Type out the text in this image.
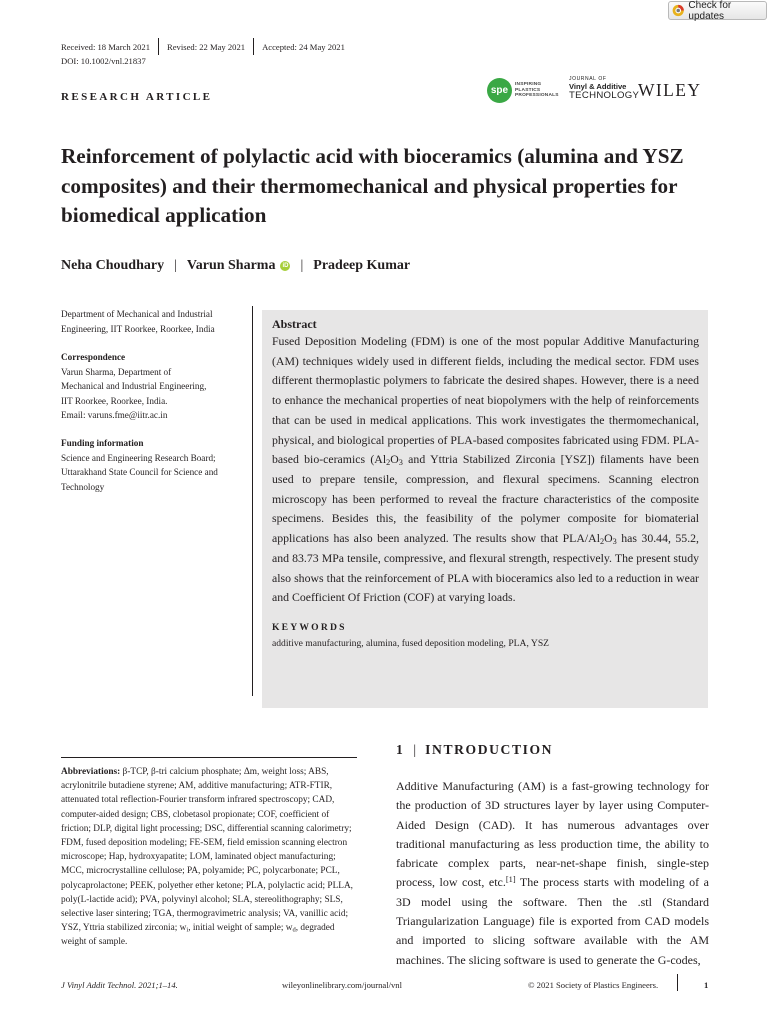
Check for updates
Received: 18 March 2021 Revised: 22 May 2021 Accepted: 24 May 2021
DOI: 10.1002/vnl.21837
RESEARCH ARTICLE
spe
INSPIRING
PLASTICS
PROFESSIONALS
JOURNAL OF
Vinyl & Additive
TECHNOLOGY
WILEY
Reinforcement of polylactic acid with bioceramics (alumina and YSZ composites) and their thermomechanical and physical properties for biomedical application
Neha Choudhary | Varun Sharma	iD | Pradeep Kumar
Department of Mechanical and Industrial Engineering, IIT Roorkee, Roorkee, India
Correspondence
Varun Sharma, Department of
Mechanical and Industrial Engineering,
IIT Roorkee, Roorkee, India.
Email: varuns.fme@iitr.ac.in
Funding information
Science and Engineering Research Board;
Uttarakhand State Council for Science and
Technology
Abstract

Fused Deposition Modeling (FDM) is one of the most popular Additive Manufacturing (AM) techniques widely used in different fields, including the medical sector. FDM uses different thermoplastic polymers to fabricate the desired shapes. However, there is a need to enhance the mechanical properties of neat biopolymers with the help of reinforcements that can be used in medical applications. This work investigates the thermomechanical, physical, and biological properties of PLA-based composites fabricated using FDM. PLA-based bio-ceramics ($Al_2O_3$ and Yttria Stabilized Zirconia [YSZ]) filaments have been used to prepare tensile, compression, and flexural specimens. Scanning electron microscopy has been performed to reveal the fracture characteristics of the composite specimens. Besides this, the feasibility of the polymer composite for biomaterial applications has also been analyzed. The results show that PLA/$Al_2O_3$ has 30.44, 55.2, and 83.73 MPa tensile, compressive, and flexural strength, respectively. The present study also shows that the reinforcement of PLA with bioceramics also led to a reduction in wear and Coefficient Of Friction (COF) at varying loads.

KEYWORDS
additive manufacturing, alumina, fused deposition modeling, PLA, YSZ

Abbreviations: β-TCP, β-tri calcium phosphate; Δm, weight loss; ABS, acrylonitrile butadiene styrene; AM, additive manufacturing; ATR-FTIR, attenuated total reflection-Fourier transform infrared spectroscopy; CAD, computer-aided design; CBS, clobetasol propionate; COF, coefficient of friction; DLP, digital light processing; DSC, differential scanning calorimetry; FDM, fused deposition modeling; FE-SEM, field emission scanning electron microscope; Hap, hydroxyapatite; LOM, laminated object manufacturing; MCC, microcrystalline cellulose; PA, polyamide; PC, polycarbonate; PCL, polycaprolactone; PEEK, polyether ether ketone; PLA, polylactic acid; PLLA, poly(L-lactide acid); PVA, polyvinyl alcohol; SLA, stereolithography; SLS, selective laser sintering; TGA, thermogravimetric analysis; VA, vanillic acid; YSZ, Yttria stabilized zirconia; $w_i$, initial weight of sample; $w_d$, degraded weight of sample.

1 | INTRODUCTION

Additive Manufacturing (AM) is a fast-growing technology for the production of 3D structures layer by layer using Computer-Aided Design (CAD). It has numerous advantages over traditional manufacturing as less production time, the ability to fabricate complex parts, near-net-shape finish, single-step process, low cost, etc.[1] The process starts with modeling of a 3D model using the software. Then the .stl (Standard Triangularization Language) file is exported from CAD models and imported to slicing software available with the AM machines. The slicing software is used to generate the G-codes,

J Vinyl Addit Technol. 2021;1–14.	wileyonlinelibrary.com/journal/vnl	© 2021 Society of Plastics Engineers.	1
